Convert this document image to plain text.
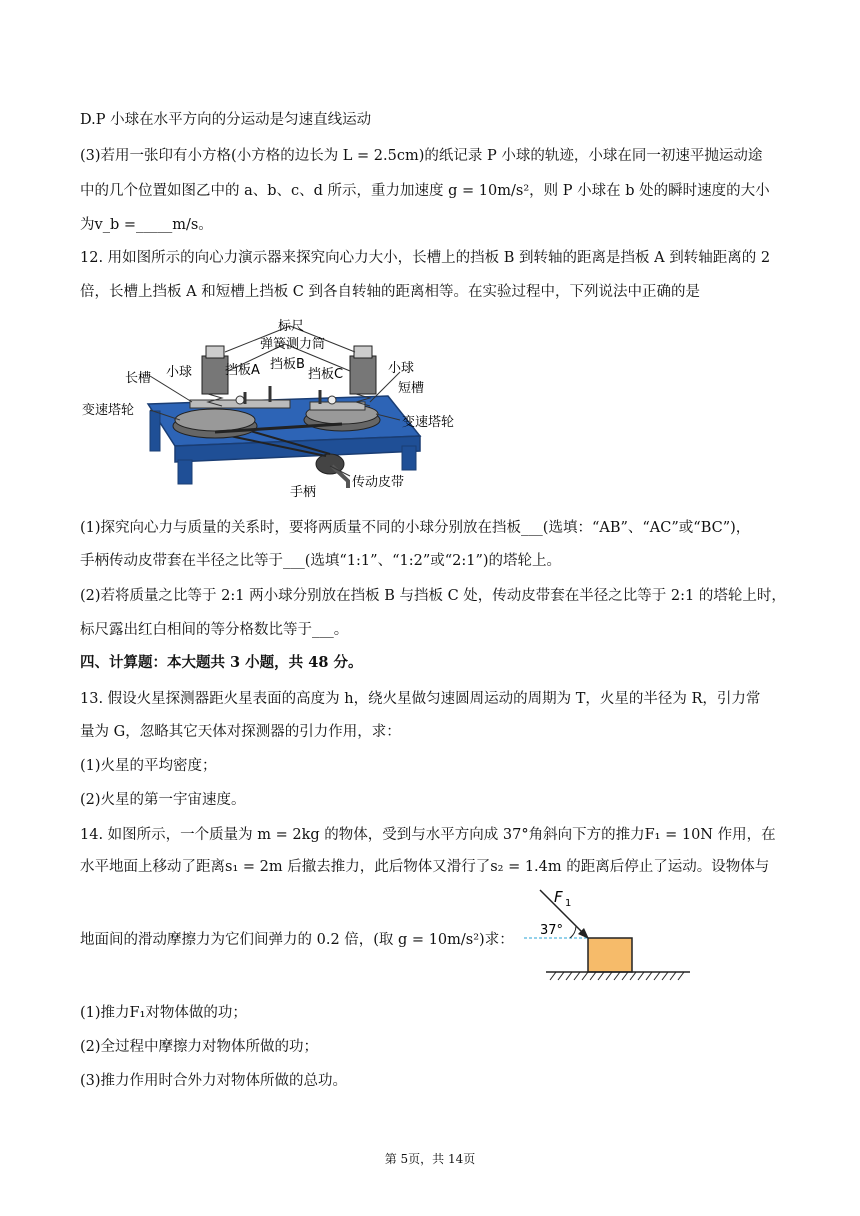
D.P 小球在水平方向的分运动是匀速直线运动
(3)若用一张印有小方格(小方格的边长为 L = 2.5cm)的纸记录 P 小球的轨迹，小球在同一初速平抛运动途
中的几个位置如图乙中的 a、b、c、d 所示，重力加速度 g = 10m/s²，则 P 小球在 b 处的瞬时速度的大小
为v_b =_____m/s。
12. 用如图所示的向心力演示器来探究向心力大小，长槽上的挡板 B 到转轴的距离是挡板 A 到转轴距离的 2
倍，长槽上挡板 A 和短槽上挡板 C 到各自转轴的距离相等。在实验过程中，下列说法中正确的是
标尺
弹簧测力筒
小球	挡板A 挡板B
挡板C	小球
长槽
短槽
变速塔轮
变速塔轮
传动皮带
手柄
(1)探究向心力与质量的关系时，要将两质量不同的小球分别放在挡板___(选填：“AB”、“AC”或“BC”)，
手柄传动皮带套在半径之比等于___(选填“1:1”、“1:2”或“2:1”)的塔轮上。
(2)若将质量之比等于 2:1 两小球分别放在挡板 B 与挡板 C 处，传动皮带套在半径之比等于 2:1 的塔轮上时，
标尺露出红白相间的等分格数比等于___。
四、计算题：本大题共 3 小题，共 48 分。
13. 假设火星探测器距火星表面的高度为 h，绕火星做匀速圆周运动的周期为 T，火星的半径为 R，引力常
量为 G，忽略其它天体对探测器的引力作用，求：
(1)火星的平均密度；
(2)火星的第一宇宙速度。
14. 如图所示，一个质量为 m = 2kg 的物体，受到与水平方向成 37°角斜向下方的推力F₁ = 10N 作用，在
水平地面上移动了距离s₁ = 2m 后撤去推力，此后物体又滑行了s₂ = 1.4m 的距离后停止了运动。设物体与
地面间的滑动摩擦力为它们间弹力的 0.2 倍，(取 g = 10m/s²)求：
F 1
37°
(1)推力F₁对物体做的功；
(2)全过程中摩擦力对物体所做的功；
(3)推力作用时合外力对物体所做的总功。
第 5页，共 14页
